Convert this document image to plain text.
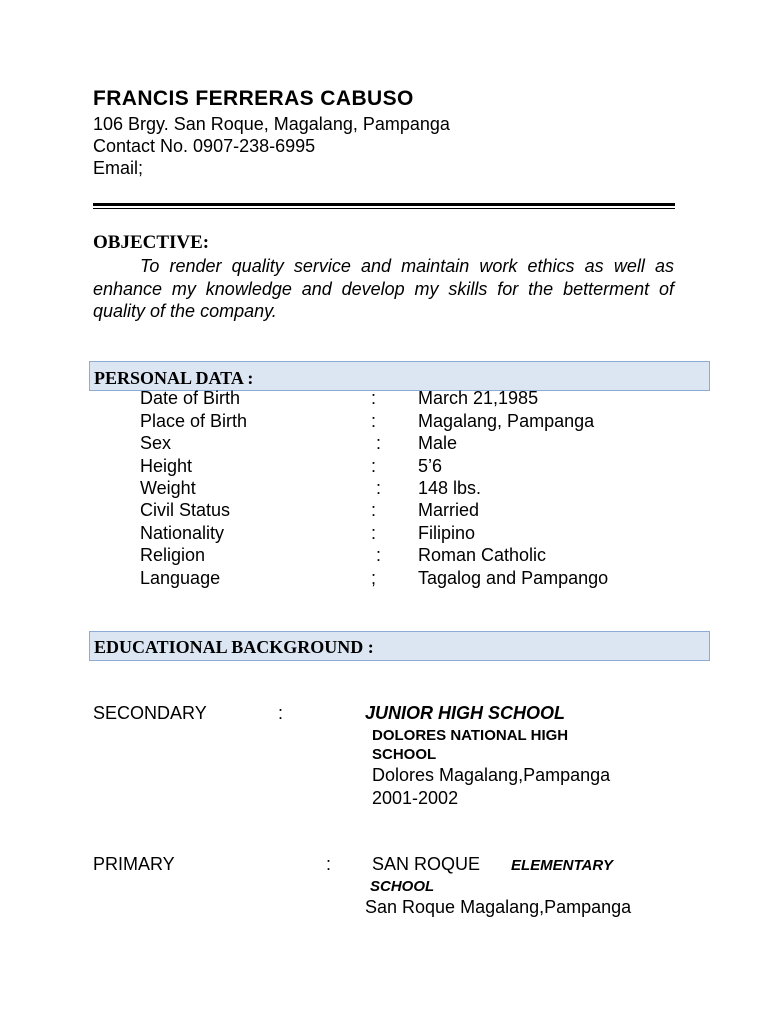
FRANCIS FERRERAS CABUSO
106 Brgy. San Roque, Magalang, Pampanga
Contact No. 0907-238-6995
Email;
OBJECTIVE:
To render quality service and maintain work ethics as well as enhance my knowledge and develop my skills for the betterment of quality of the company.
PERSONAL DATA :
Date of Birth	: March 21,1985
Place of Birth	: Magalang, Pampanga
Sex	: Male
Height	: 5’6
Weight	: 148 lbs.
Civil Status	: Married
Nationality	: Filipino
Religion	: Roman Catholic
Language	; Tagalog and Pampango
EDUCATIONAL BACKGROUND :
SECONDARY	:	JUNIOR HIGH SCHOOL
DOLORES NATIONAL HIGH
SCHOOL
Dolores Magalang,Pampanga
2001-2002
PRIMARY	: SAN ROQUE ELEMENTARY
SCHOOL
San Roque Magalang,Pampanga
